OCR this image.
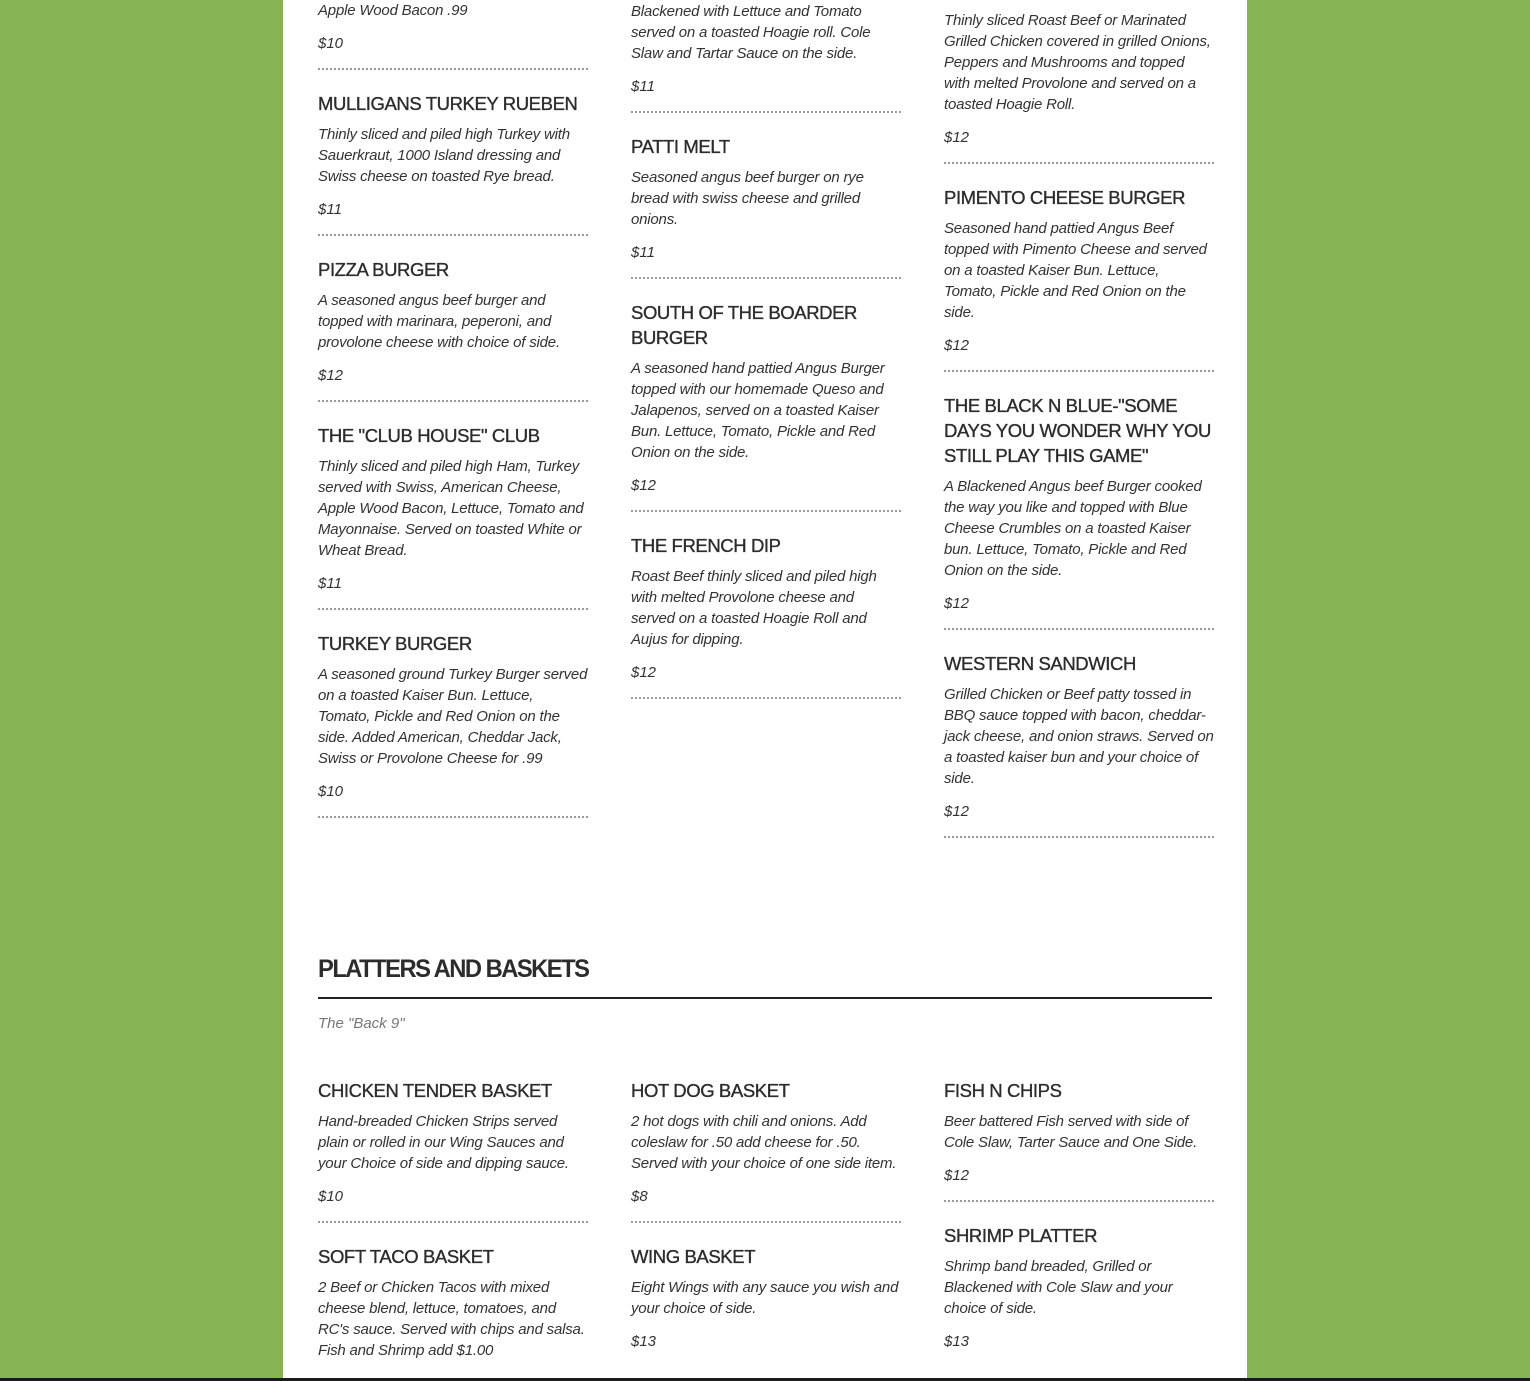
Apple Wood Bacon .99

$10

MULLIGANS TURKEY RUEBEN

Thinly sliced and piled high Turkey with Sauerkraut, 1000 Island dressing and Swiss cheese on toasted Rye bread.

$11

PIZZA BURGER

A seasoned angus beef burger and topped with marinara, peperoni, and provolone cheese with choice of side.

$12

THE "CLUB HOUSE" CLUB

Thinly sliced and piled high Ham, Turkey served with Swiss, American Cheese, Apple Wood Bacon, Lettuce, Tomato and Mayonnaise. Served on toasted White or Wheat Bread.

$11

TURKEY BURGER

A seasoned ground Turkey Burger served on a toasted Kaiser Bun. Lettuce, Tomato, Pickle and Red Onion on the side. Added American, Cheddar Jack, Swiss or Provolone Cheese for .99

$10

Blackened with Lettuce and Tomato served on a toasted Hoagie roll. Cole Slaw and Tartar Sauce on the side.

$11

PATTI MELT

Seasoned angus beef burger on rye bread with swiss cheese and grilled onions.

$11

SOUTH OF THE BOARDER BURGER

A seasoned hand pattied Angus Burger topped with our homemade Queso and Jalapenos, served on a toasted Kaiser Bun. Lettuce, Tomato, Pickle and Red Onion on the side.

$12

THE FRENCH DIP

Roast Beef thinly sliced and piled high with melted Provolone cheese and served on a toasted Hoagie Roll and Aujus for dipping.

$12

Thinly sliced Roast Beef or Marinated Grilled Chicken covered in grilled Onions, Peppers and Mushrooms and topped with melted Provolone and served on a toasted Hoagie Roll.

$12

PIMENTO CHEESE BURGER

Seasoned hand pattied Angus Beef topped with Pimento Cheese and served on a toasted Kaiser Bun. Lettuce, Tomato, Pickle and Red Onion on the side.

$12

THE BLACK N BLUE-"SOME DAYS YOU WONDER WHY YOU STILL PLAY THIS GAME"

A Blackened Angus beef Burger cooked the way you like and topped with Blue Cheese Crumbles on a toasted Kaiser bun. Lettuce, Tomato, Pickle and Red Onion on the side.

$12

WESTERN SANDWICH

Grilled Chicken or Beef patty tossed in BBQ sauce topped with bacon, cheddar-jack cheese, and onion straws. Served on a toasted kaiser bun and your choice of side.

$12

PLATTERS AND BASKETS

The "Back 9"

CHICKEN TENDER BASKET

Hand-breaded Chicken Strips served plain or rolled in our Wing Sauces and your Choice of side and dipping sauce.

$10

SOFT TACO BASKET

2 Beef or Chicken Tacos with mixed cheese blend, lettuce, tomatoes, and RC's sauce. Served with chips and salsa. Fish and Shrimp add $1.00

HOT DOG BASKET

2 hot dogs with chili and onions. Add coleslaw for .50 add cheese for .50. Served with your choice of one side item.

$8

WING BASKET

Eight Wings with any sauce you wish and your choice of side.

$13

FISH N CHIPS

Beer battered Fish served with side of Cole Slaw, Tarter Sauce and One Side.

$12

SHRIMP PLATTER

Shrimp band breaded, Grilled or Blackened with Cole Slaw and your choice of side.

$13
